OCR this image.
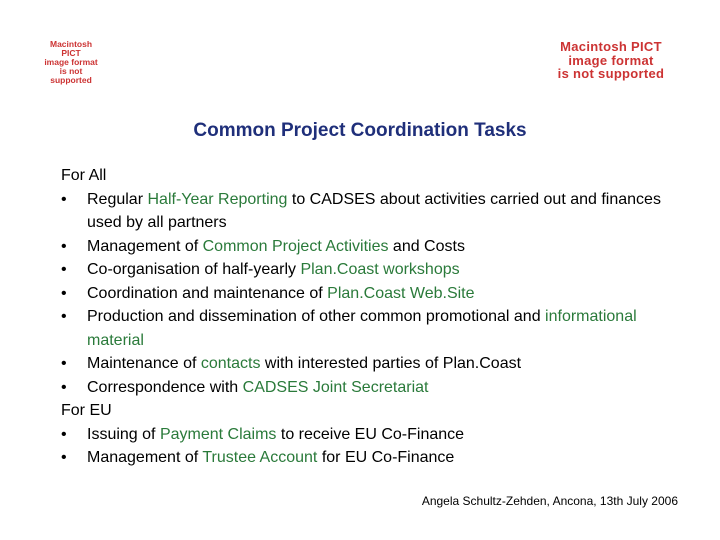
Macintosh PICT
image format
is not supported
Macintosh PICT
image format
is not supported
Common Project Coordination Tasks
For All
•	Regular Half-Year Reporting to CADSES about activities carried out and finances used by all partners
•	Management of Common Project Activities and Costs
•	Co-organisation of half-yearly Plan.Coast workshops
•	Coordination and maintenance of Plan.Coast Web.Site
•	Production and dissemination of other common promotional and informational material
•	Maintenance of contacts with interested parties of Plan.Coast
•	Correspondence with CADSES Joint Secretariat
For EU
•	Issuing of Payment Claims to receive EU Co-Finance
•	Management of Trustee Account for EU Co-Finance
Angela Schultz-Zehden, Ancona, 13th July 2006
